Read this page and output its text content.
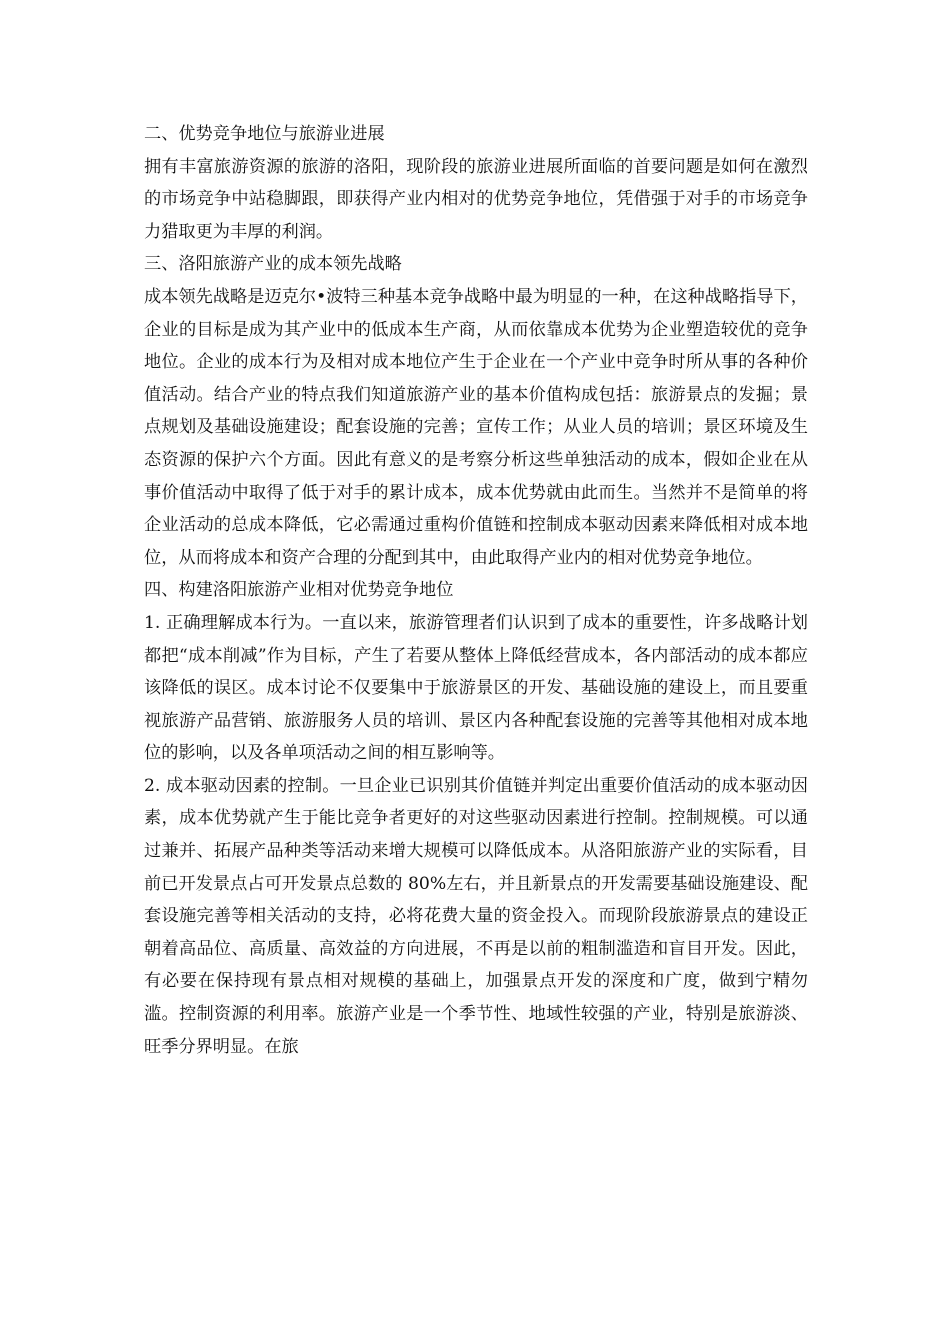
二、优势竞争地位与旅游业进展

拥有丰富旅游资源的旅游的洛阳，现阶段的旅游业进展所面临的首要问题是如何在激烈的市场竞争中站稳脚跟，即获得产业内相对的优势竞争地位，凭借强于对手的市场竞争力猎取更为丰厚的利润。

三、洛阳旅游产业的成本领先战略

成本领先战略是迈克尔•波特三种基本竞争战略中最为明显的一种，在这种战略指导下，企业的目标是成为其产业中的低成本生产商，从而依靠成本优势为企业塑造较优的竞争地位。企业的成本行为及相对成本地位产生于企业在一个产业中竞争时所从事的各种价值活动。结合产业的特点我们知道旅游产业的基本价值构成包括：旅游景点的发掘；景点规划及基础设施建设；配套设施的完善；宣传工作；从业人员的培训；景区环境及生态资源的保护六个方面。因此有意义的是考察分析这些单独活动的成本，假如企业在从事价值活动中取得了低于对手的累计成本，成本优势就由此而生。当然并不是简单的将企业活动的总成本降低，它必需通过重构价值链和控制成本驱动因素来降低相对成本地位，从而将成本和资产合理的分配到其中，由此取得产业内的相对优势竞争地位。

四、构建洛阳旅游产业相对优势竞争地位

1. 正确理解成本行为。一直以来，旅游管理者们认识到了成本的重要性，许多战略计划都把“成本削减”作为目标，产生了若要从整体上降低经营成本，各内部活动的成本都应该降低的误区。成本讨论不仅要集中于旅游景区的开发、基础设施的建设上，而且要重视旅游产品营销、旅游服务人员的培训、景区内各种配套设施的完善等其他相对成本地位的影响，以及各单项活动之间的相互影响等。

2. 成本驱动因素的控制。一旦企业已识别其价值链并判定出重要价值活动的成本驱动因素，成本优势就产生于能比竞争者更好的对这些驱动因素进行控制。控制规模。可以通过兼并、拓展产品种类等活动来增大规模可以降低成本。从洛阳旅游产业的实际看，目前已开发景点占可开发景点总数的 80%左右，并且新景点的开发需要基础设施建设、配套设施完善等相关活动的支持，必将花费大量的资金投入。而现阶段旅游景点的建设正朝着高品位、高质量、高效益的方向进展，不再是以前的粗制滥造和盲目开发。因此，有必要在保持现有景点相对规模的基础上，加强景点开发的深度和广度，做到宁精勿滥。控制资源的利用率。旅游产业是一个季节性、地域性较强的产业，特别是旅游淡、旺季分界明显。在旅
